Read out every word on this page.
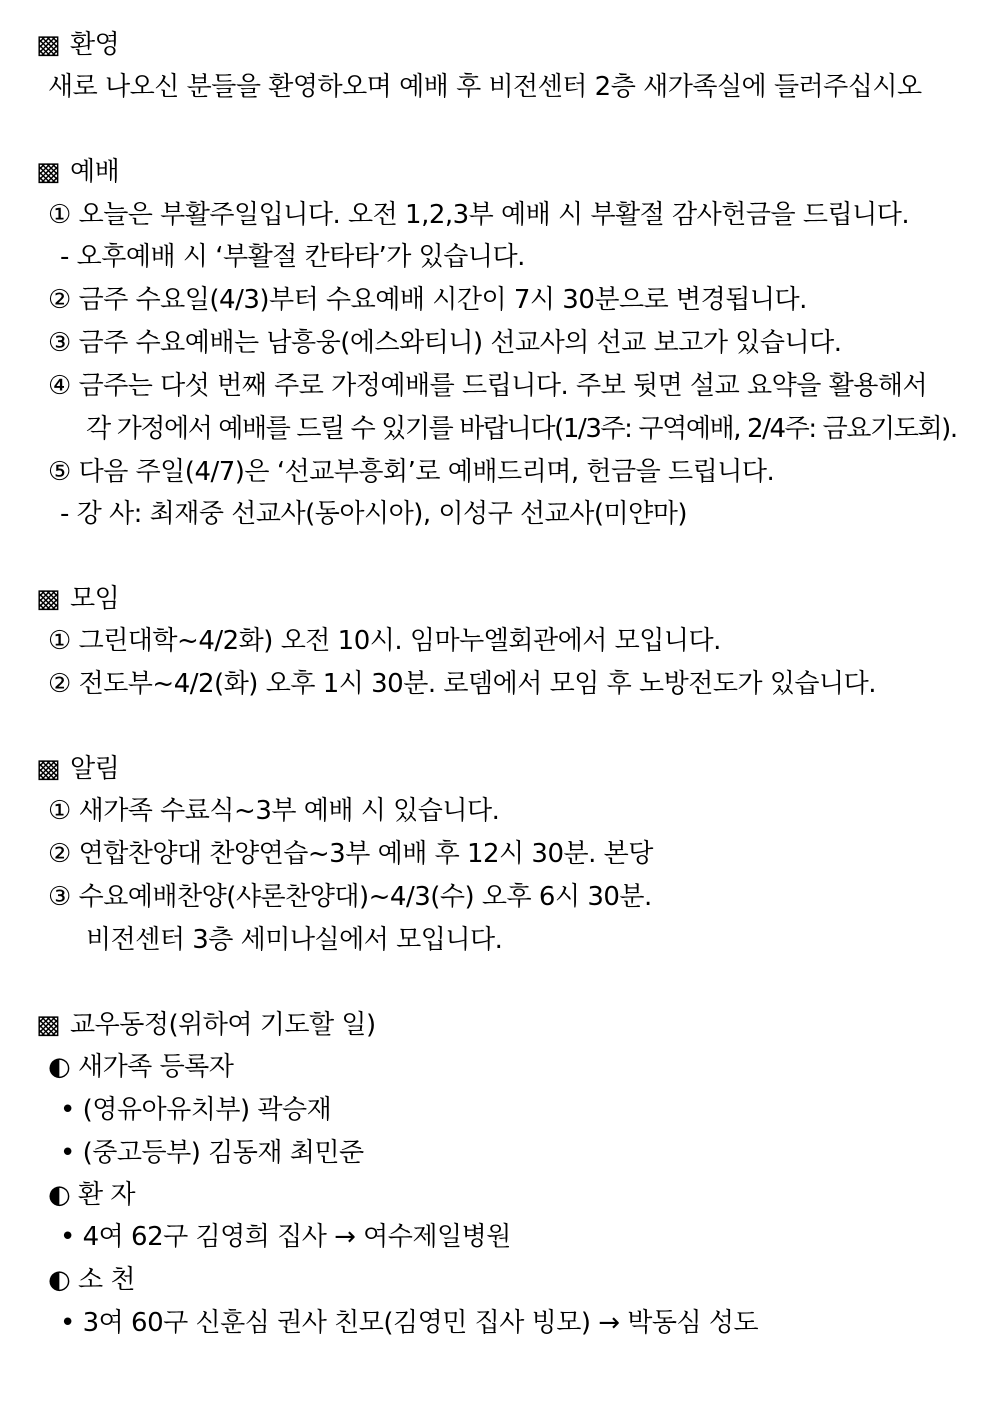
▩ 환영
새로 나오신 분들을 환영하오며 예배 후 비전센터 2층 새가족실에 들러주십시오
▩ 예배
① 오늘은 부활주일입니다. 오전 1,2,3부 예배 시 부활절 감사헌금을 드립니다.
- 오후예배 시 ‘부활절 칸타타’가 있습니다.
② 금주 수요일(4/3)부터 수요예배 시간이 7시 30분으로 변경됩니다.
③ 금주 수요예배는 남흥웅(에스와티니) 선교사의 선교 보고가 있습니다.
④ 금주는 다섯 번째 주로 가정예배를 드립니다. 주보 뒷면 설교 요약을 활용해서
각 가정에서 예배를 드릴 수 있기를 바랍니다(1/3주: 구역예배, 2/4주: 금요기도회).
⑤ 다음 주일(4/7)은 ‘선교부흥회’로 예배드리며, 헌금을 드립니다.
- 강 사: 최재중 선교사(동아시아), 이성구 선교사(미얀마)
▩ 모임
① 그린대학~4/2화) 오전 10시. 임마누엘회관에서 모입니다.
② 전도부~4/2(화) 오후 1시 30분. 로뎀에서 모임 후 노방전도가 있습니다.
▩ 알림
① 새가족 수료식~3부 예배 시 있습니다.
② 연합찬양대 찬양연습~3부 예배 후 12시 30분. 본당
③ 수요예배찬양(샤론찬양대)~4/3(수) 오후 6시 30분.
비전센터 3층 세미나실에서 모입니다.
▩ 교우동정(위하여 기도할 일)
◐ 새가족 등록자
• (영유아유치부) 곽승재
• (중고등부) 김동재 최민준
◐ 환 자
• 4여 62구 김영희 집사 → 여수제일병원
◐ 소 천
• 3여 60구 신훈심 권사 친모(김영민 집사 빙모) → 박동심 성도
